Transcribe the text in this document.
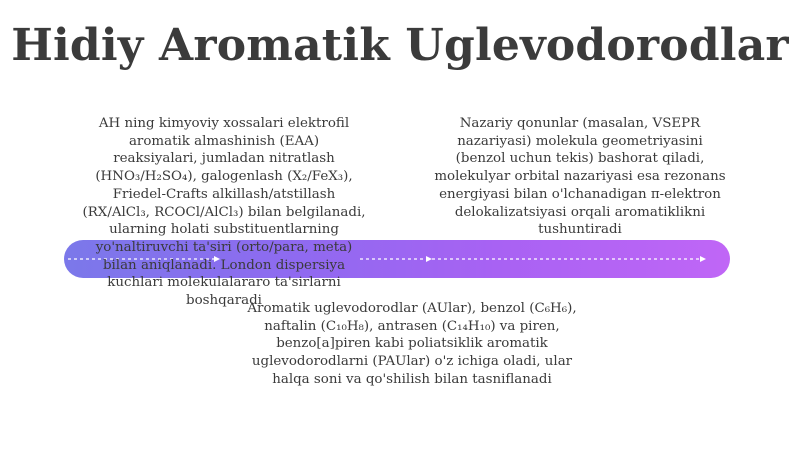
Hidiy Aromatik Uglevodorodlar
AH ning kimyoviy xossalari elektrofil
aromatik almashinish (EAA)
reaksiyalari, jumladan nitratlash
(HNO₃/H₂SO₄), galogenlash (X₂/FeX₃),
Friedel-Crafts alkillash/atstillash
(RX/AlCl₃, RCOCl/AlCl₃) bilan belgilanadi,
ularning holati substituentlarning
yo'naltiruvchi ta'siri (orto/para, meta)
bilan aniqlanadi. London dispersiya
kuchlari molekulalararo ta'sirlarni
boshqaradi
Nazariy qonunlar (masalan, VSEPR
nazariyasi) molekula geometriyasini
(benzol uchun tekis) bashorat qiladi,
molekulyar orbital nazariyasi esa rezonans
energiyasi bilan o'lchanadigan π-elektron
delokalizatsiyasi orqali aromatiklikni
tushuntiradi
Aromatik uglevodorodlar (AUlar), benzol (C₆H₆),
naftalin (C₁₀H₈), antrasen (C₁₄H₁₀) va piren,
benzo[a]piren kabi poliatsiklik aromatik
uglevodorodlarni (PAUlar) o'z ichiga oladi, ular
halqa soni va qo'shilish bilan tasniflanadi
